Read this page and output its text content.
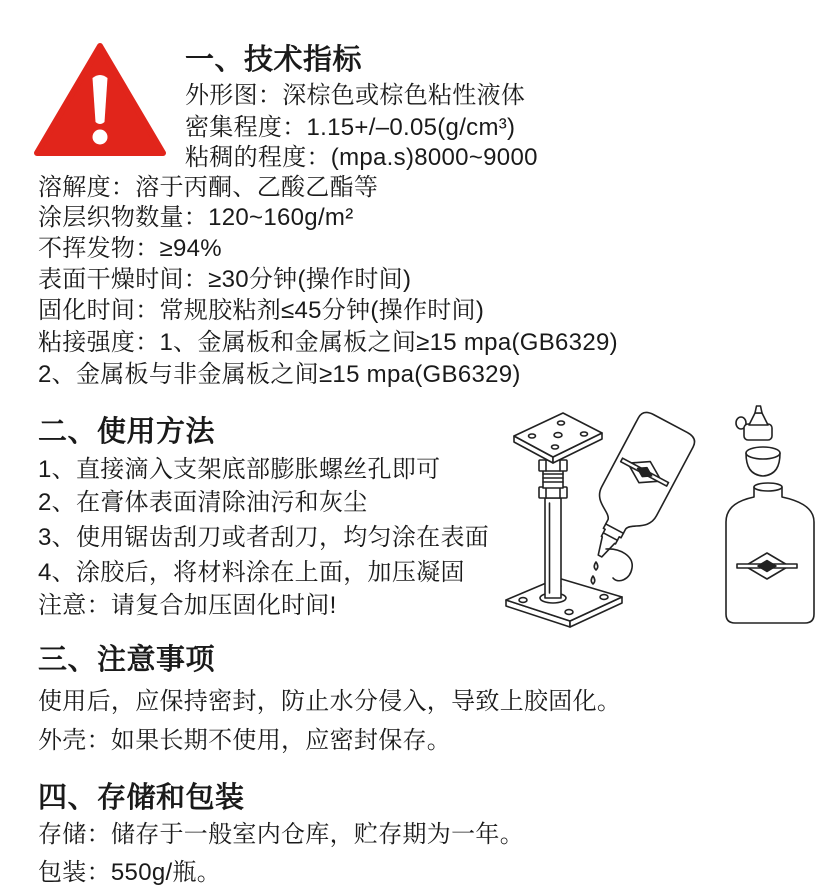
一、技术指标
外形图：深棕色或棕色粘性液体
密集程度：1.15+/–0.05(g/cm³)
粘稠的程度：(mpa.s)8000~9000
溶解度：溶于丙酮、乙酸乙酯等
涂层织物数量：120~160g/m²
不挥发物：≥94%
表面干燥时间：≥30分钟(操作时间)
固化时间：常规胶粘剂≤45分钟(操作时间)
粘接强度：1、金属板和金属板之间≥15 mpa(GB6329)
2、金属板与非金属板之间≥15 mpa(GB6329)
二、使用方法
1、直接滴入支架底部膨胀螺丝孔即可
2、在膏体表面清除油污和灰尘
3、使用锯齿刮刀或者刮刀，均匀涂在表面
4、涂胶后，将材料涂在上面，加压凝固
注意：请复合加压固化时间!
三、注意事项
使用后，应保持密封，防止水分侵入，导致上胶固化。
外壳：如果长期不使用，应密封保存。
四、存储和包装
存储：储存于一般室内仓库，贮存期为一年。
包装：550g/瓶。
